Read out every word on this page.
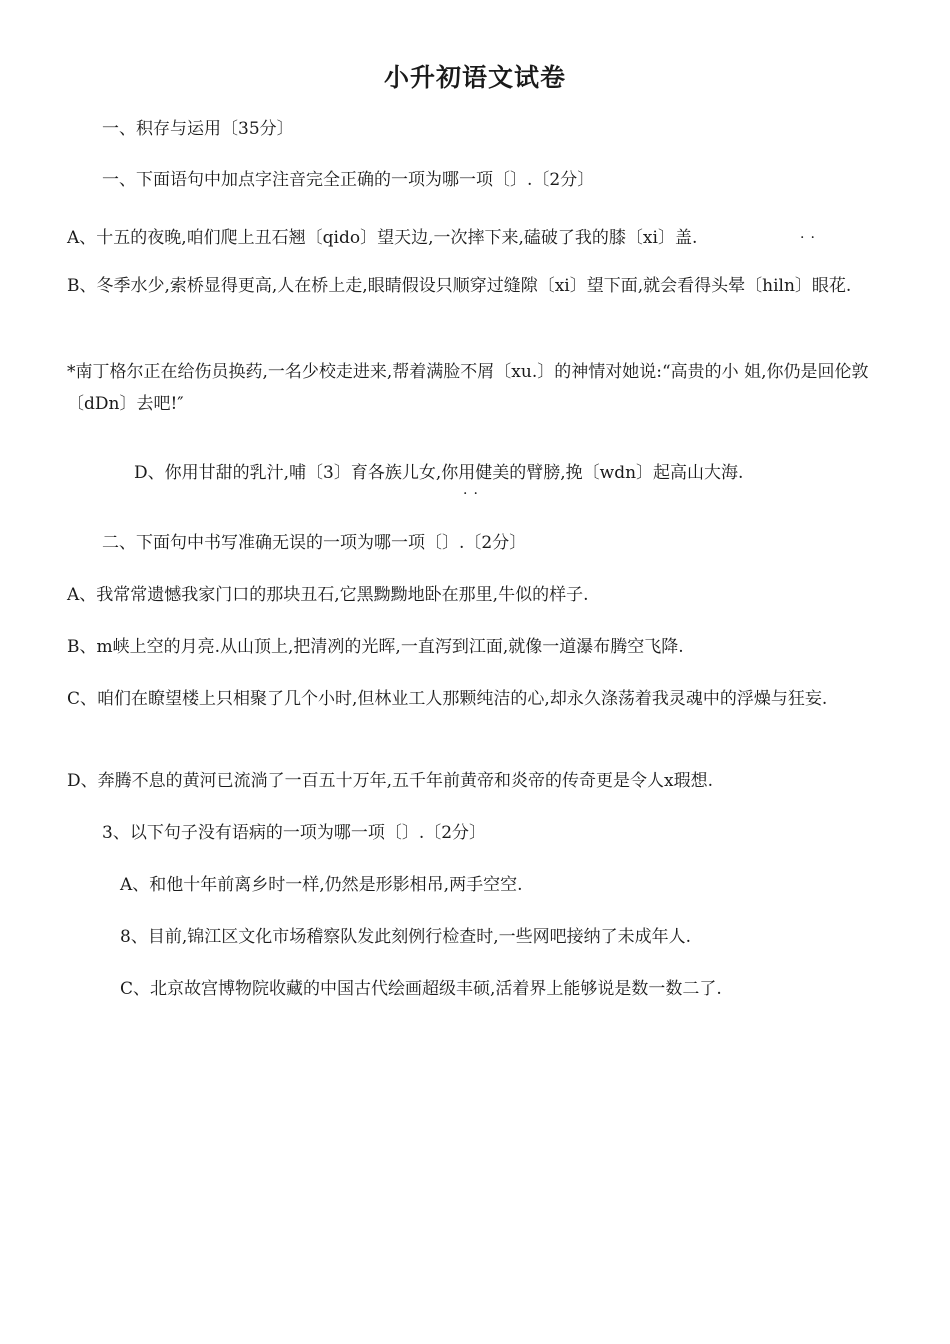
小升初语文试卷
一、积存与运用〔35分〕
一、下面语句中加点字注音完全正确的一项为哪一项〔〕.〔2分〕
A、十五的夜晚,咱们爬上丑石翘〔qido〕望天边,一次摔下来,磕破了我的膝〔xi〕盖.	··
B、冬季水少,索桥显得更高,人在桥上走,眼睛假设只顺穿过缝隙〔xi〕望下面,就会看得头晕〔hiln〕眼花.
*南丁格尔正在给伤员换药,一名少校走进来,帮着满脸不屑〔xu.〕的神情对她说:“高贵的小 姐,你仍是回伦敦〔dDn〕去吧!″
D、你用甘甜的乳汁,哺〔3〕育各族儿女,你用健美的臂膀,挽〔wdn〕起高山大海.
··
二、下面句中书写准确无误的一项为哪一项〔〕.〔2分〕
A、我常常遗憾我家门口的那块丑石,它黑黝黝地卧在那里,牛似的样子.
B、m峡上空的月亮.从山顶上,把清冽的光晖,一直泻到江面,就像一道瀑布腾空飞降.
C、咱们在瞭望楼上只相聚了几个小时,但林业工人那颗纯洁的心,却永久涤荡着我灵魂中的浮燥与狂妄.
D、奔腾不息的黄河已流淌了一百五十万年,五千年前黄帝和炎帝的传奇更是令人x瑕想.
3、以下句子没有语病的一项为哪一项〔〕.〔2分〕
A、和他十年前离乡时一样,仍然是形影相吊,两手空空.
8、目前,锦江区文化市场稽察队发此刻例行检查时,一些网吧接纳了未成年人.
C、北京故宫博物院收藏的中国古代绘画超级丰硕,活着界上能够说是数一数二了.
